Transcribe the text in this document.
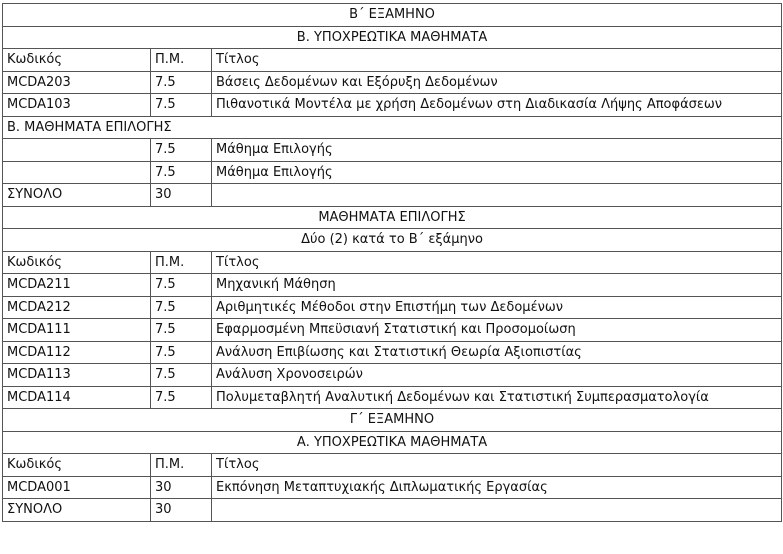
Β΄ ΕΞΑΜΗΝΟ		
Β. ΥΠΟΧΡΕΩΤΙΚΑ ΜΑΘΗΜΑΤΑ		
Κωδικός	Π.Μ.	Τίτλος
MCDA203	7.5	Βάσεις Δεδομένων και Εξόρυξη Δεδομένων
MCDA103	7.5	Πιθανοτικά Μοντέλα με χρήση Δεδομένων στη Διαδικασία Λήψης Αποφάσεων
Β. ΜΑΘΗΜΑΤΑ ΕΠΙΛΟΓΗΣ		
	7.5	Μάθημα Επιλογής
	7.5	Μάθημα Επιλογής
ΣΥΝΟΛΟ	30	
ΜΑΘΗΜΑΤΑ ΕΠΙΛΟΓΗΣ		
Δύο (2) κατά το Β΄ εξάμηνο		
Κωδικός	Π.Μ.	Τίτλος
MCDA211	7.5	Μηχανική Μάθηση
MCDA212	7.5	Αριθμητικές Μέθοδοι στην Επιστήμη των Δεδομένων
MCDA111	7.5	Εφαρμοσμένη Μπεϋσιανή Στατιστική και Προσομοίωση
MCDA112	7.5	Ανάλυση Επιβίωσης και Στατιστική Θεωρία Αξιοπιστίας
MCDA113	7.5	Ανάλυση Χρονοσειρών
MCDA114	7.5	Πολυμεταβλητή Αναλυτική Δεδομένων και Στατιστική Συμπερασματολογία
Γ΄ ΕΞΑΜΗΝΟ		
Α. ΥΠΟΧΡΕΩΤΙΚΑ ΜΑΘΗΜΑΤΑ		
Κωδικός	Π.Μ.	Τίτλος
MCDA001	30	Εκπόνηση Μεταπτυχιακής Διπλωματικής Εργασίας
ΣΥΝΟΛΟ	30	
